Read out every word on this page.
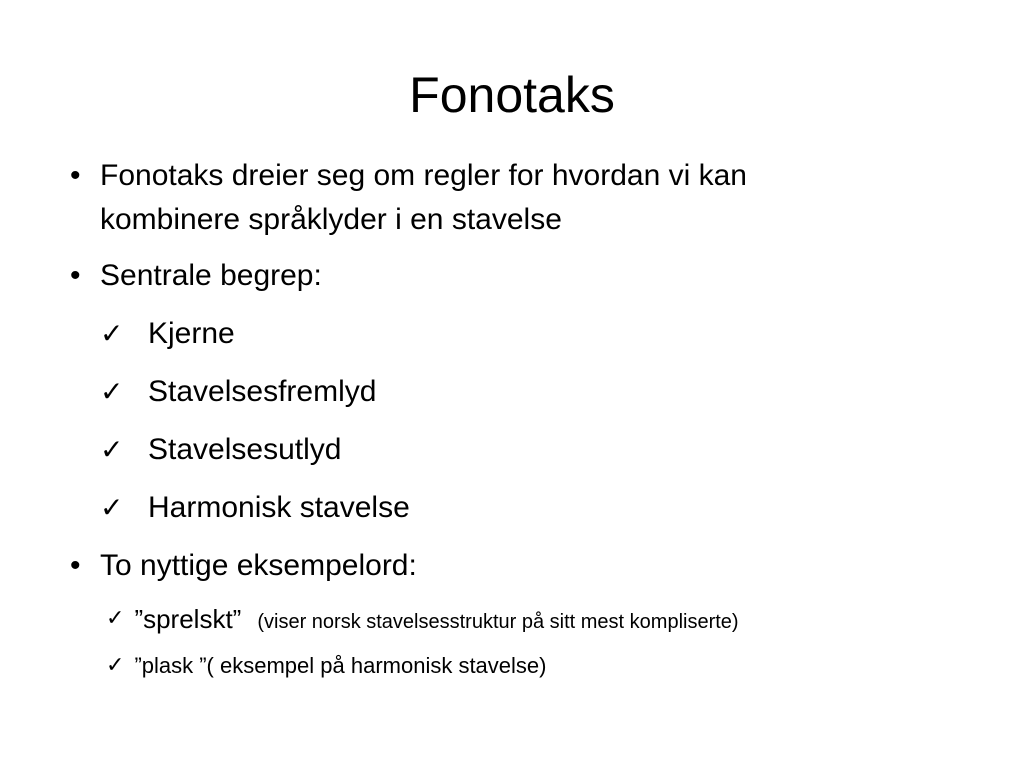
Fonotaks
• Fonotaks dreier seg om regler for hvordan vi kan
kombinere språklyder i en stavelse
• Sentrale begrep:
✓ Kjerne
✓ Stavelsesfremlyd
✓ Stavelsesutlyd
✓ Harmonisk stavelse
• To nyttige eksempelord:
✓ ”sprelskt” (viser norsk stavelsesstruktur på sitt mest kompliserte)
✓ ”plask ”( eksempel på harmonisk stavelse)
